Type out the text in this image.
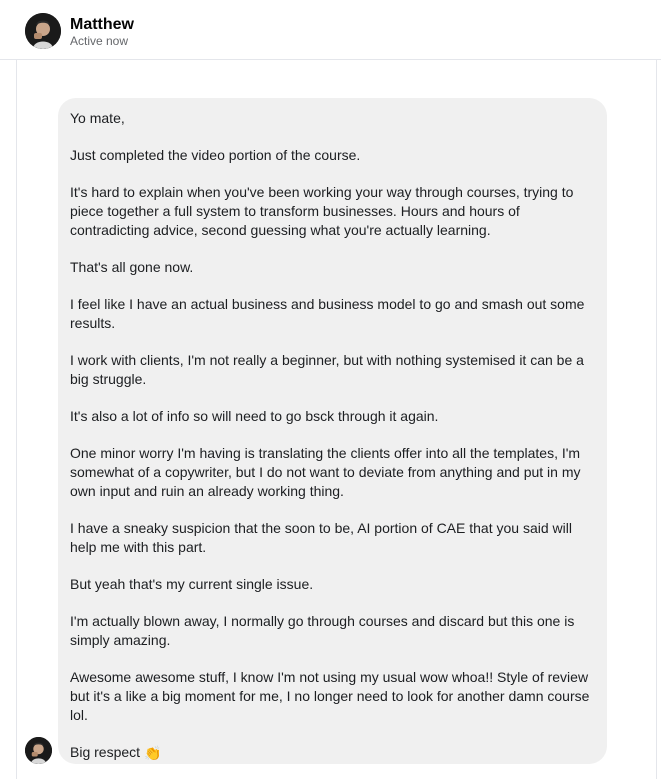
Matthew
Active now

Yo mate,

Just completed the video portion of the course.

It's hard to explain when you've been working your way through courses, trying to piece together a full system to transform businesses. Hours and hours of contradicting advice, second guessing what you're actually learning.

That's all gone now.

I feel like I have an actual business and business model to go and smash out some results.

I work with clients, I'm not really a beginner, but with nothing systemised it can be a big struggle.

It's also a lot of info so will need to go bsck through it again.

One minor worry I'm having is translating the clients offer into all the templates, I'm somewhat of a copywriter, but I do not want to deviate from anything and put in my own input and ruin an already working thing.

I have a sneaky suspicion that the soon to be, AI portion of CAE that you said will help me with this part.

But yeah that's my current single issue.

I'm actually blown away, I normally go through courses and discard but this one is simply amazing.

Awesome awesome stuff, I know I'm not using my usual wow whoa!! Style of review but it's a like a big moment for me, I no longer need to look for another damn course lol.

Big respect 👏
